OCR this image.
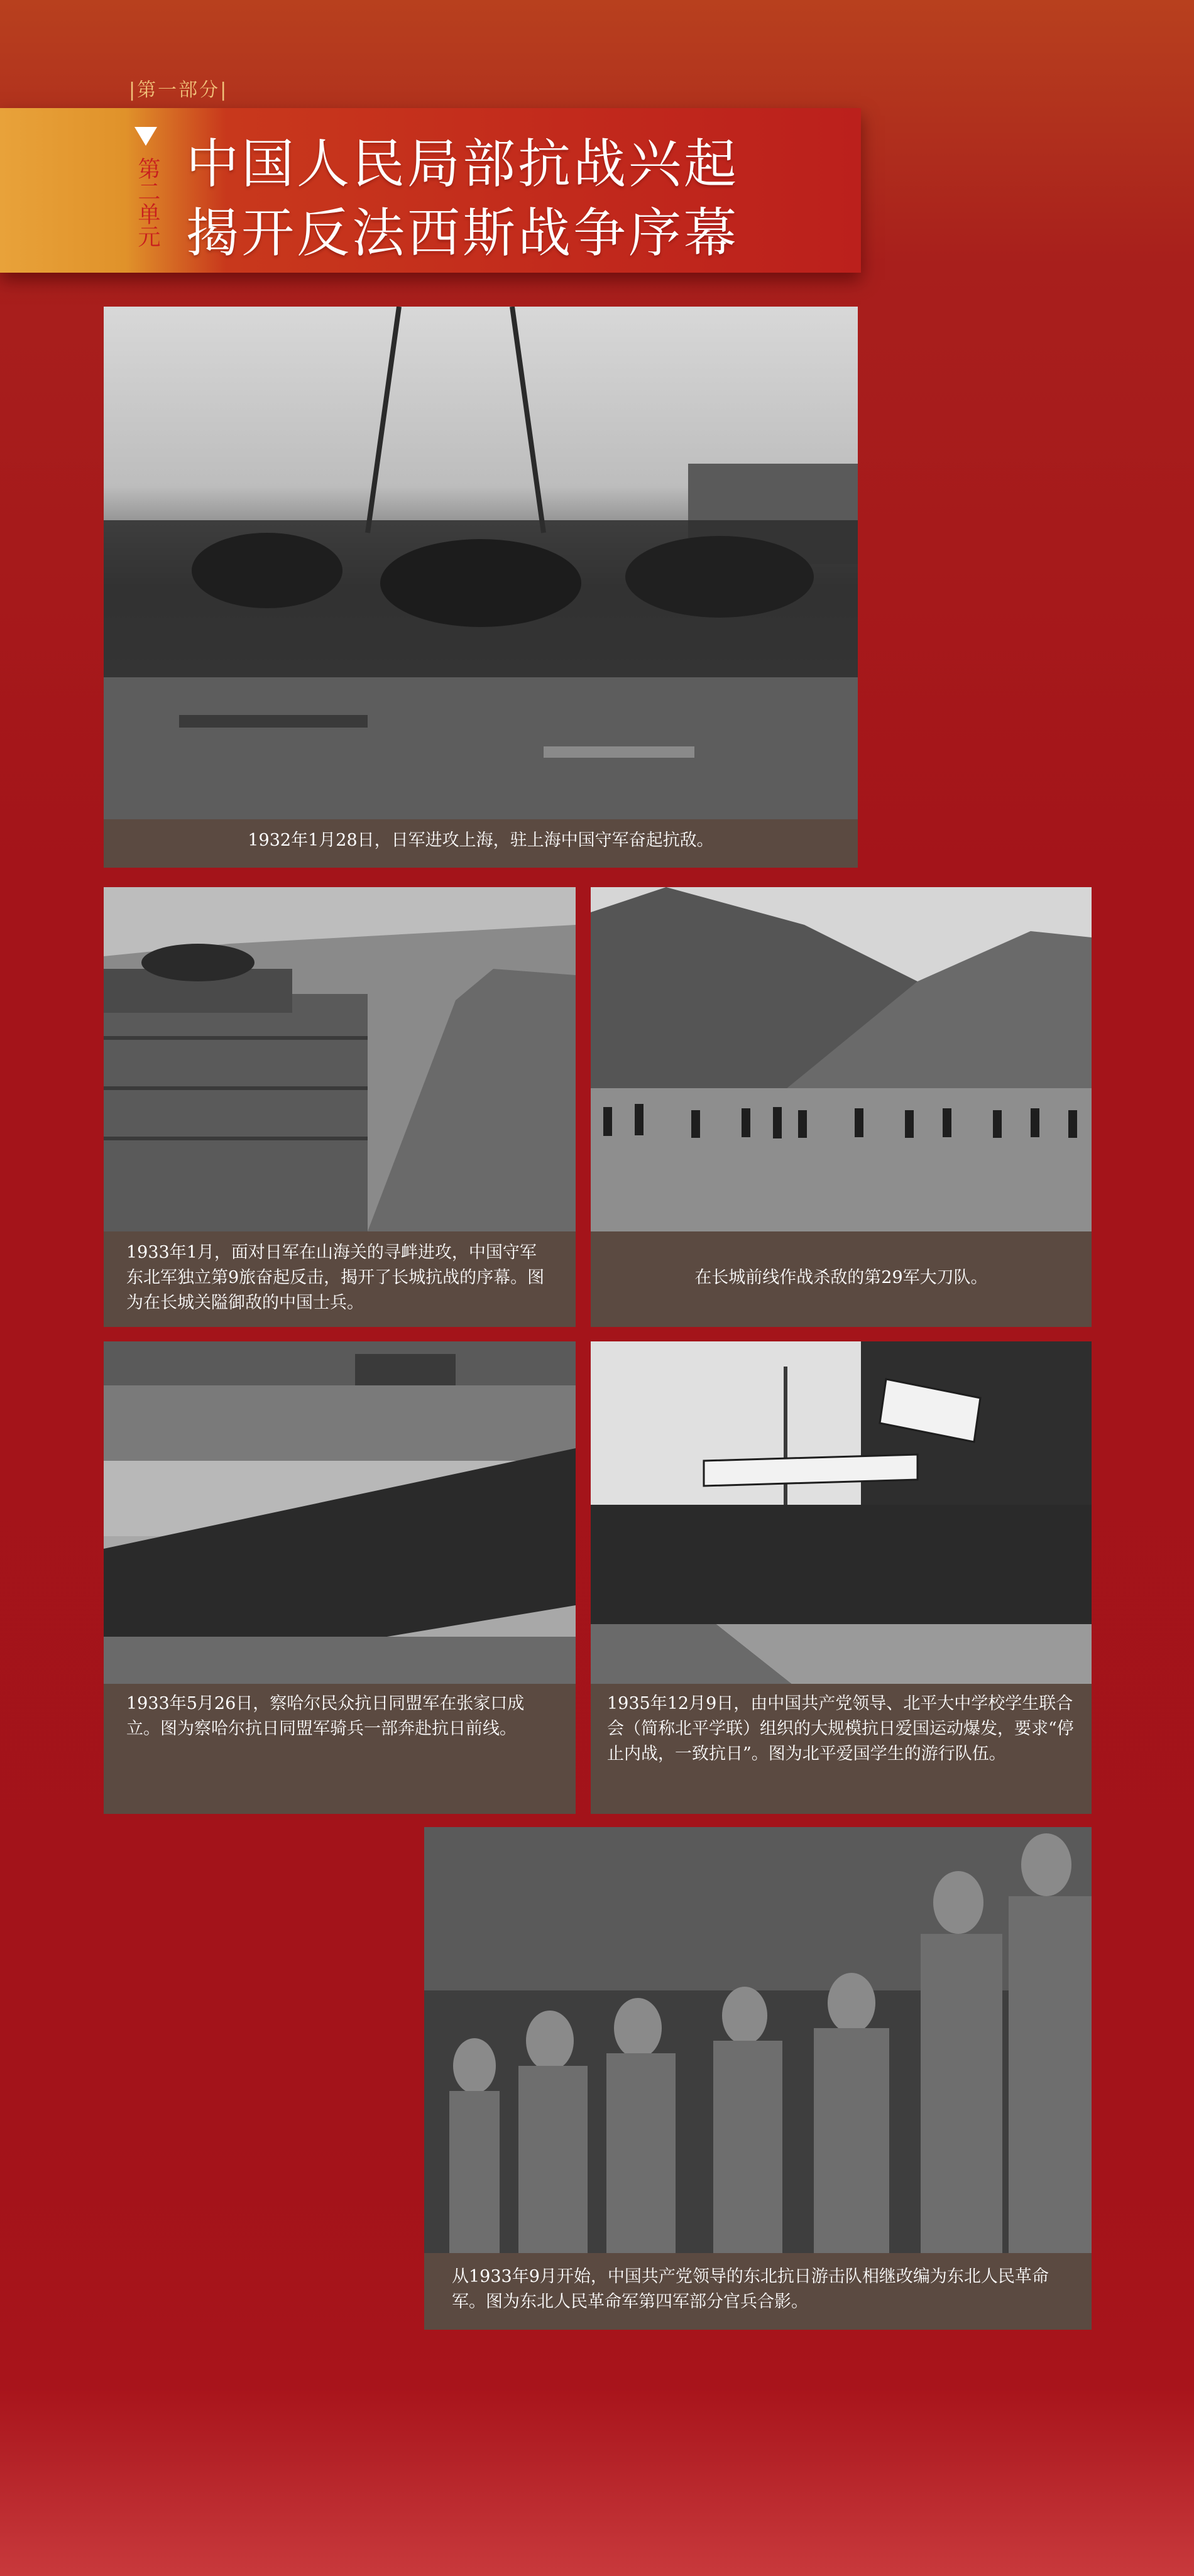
|第一部分|
第二单元 中国人民局部抗战兴起
揭开反法西斯战争序幕
1932年1月28日，日军进攻上海，驻上海中国守军奋起抗敌。
1933年1月，面对日军在山海关的寻衅进攻，中国守军东北军独立第9旅奋起反击，揭开了长城抗战的序幕。图为在长城关隘御敌的中国士兵。
在长城前线作战杀敌的第29军大刀队。
1933年5月26日，察哈尔民众抗日同盟军在张家口成立。图为察哈尔抗日同盟军骑兵一部奔赴抗日前线。
1935年12月9日，由中国共产党领导、北平大中学校学生联合会（简称北平学联）组织的大规模抗日爱国运动爆发，要求“停止内战，一致抗日”。图为北平爱国学生的游行队伍。
从1933年9月开始，中国共产党领导的东北抗日游击队相继改编为东北人民革命军。图为东北人民革命军第四军部分官兵合影。
